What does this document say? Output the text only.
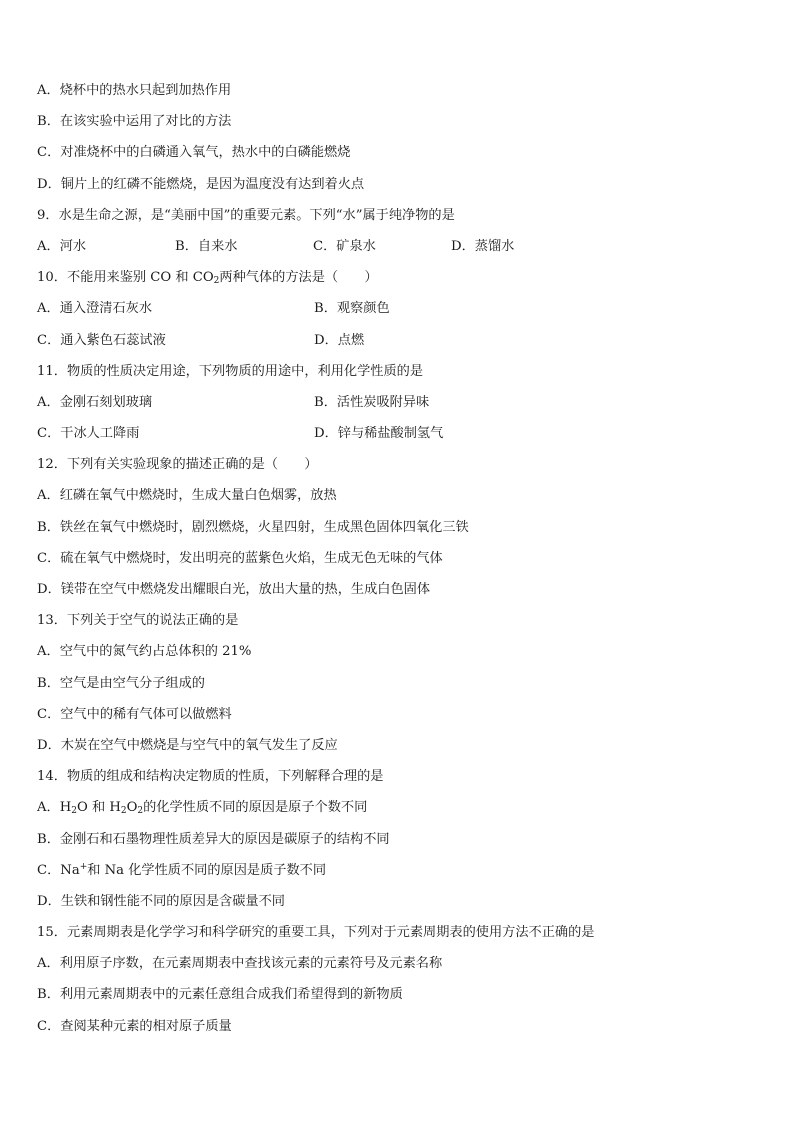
A．烧杯中的热水只起到加热作用
B．在该实验中运用了对比的方法
C．对准烧杯中的白磷通入氧气，热水中的白磷能燃烧
D．铜片上的红磷不能燃烧，是因为温度没有达到着火点
9．水是生命之源，是“美丽中国”的重要元素。下列“水”属于纯净物的是
A．河水	B．自来水	C．矿泉水	D．蒸馏水
10．不能用来鉴别 CO 和 $CO_2$两种气体的方法是（　　）
A．通入澄清石灰水	B．观察颜色
C．通入紫色石蕊试液	D．点燃
11．物质的性质决定用途，下列物质的用途中，利用化学性质的是
A．金刚石刻划玻璃	B．活性炭吸附异味
C．干冰人工降雨	D．锌与稀盐酸制氢气
12．下列有关实验现象的描述正确的是（　　）
A．红磷在氧气中燃烧时，生成大量白色烟雾，放热
B．铁丝在氧气中燃烧时，剧烈燃烧，火星四射，生成黑色固体四氧化三铁
C．硫在氧气中燃烧时，发出明亮的蓝紫色火焰，生成无色无味的气体
D．镁带在空气中燃烧发出耀眼白光，放出大量的热，生成白色固体
13．下列关于空气的说法正确的是
A．空气中的氮气约占总体积的 21%
B．空气是由空气分子组成的
C．空气中的稀有气体可以做燃料
D．木炭在空气中燃烧是与空气中的氧气发生了反应
14．物质的组成和结构决定物质的性质，下列解释合理的是
A．$H_2O$ 和 $H_2O_2$的化学性质不同的原因是原子个数不同
B．金刚石和石墨物理性质差异大的原因是碳原子的结构不同
C．Na+和 Na 化学性质不同的原因是质子数不同
D．生铁和钢性能不同的原因是含碳量不同
15．元素周期表是化学学习和科学研究的重要工具，下列对于元素周期表的使用方法不正确的是
A．利用原子序数，在元素周期表中查找该元素的元素符号及元素名称
B．利用元素周期表中的元素任意组合成我们希望得到的新物质
C．查阅某种元素的相对原子质量
